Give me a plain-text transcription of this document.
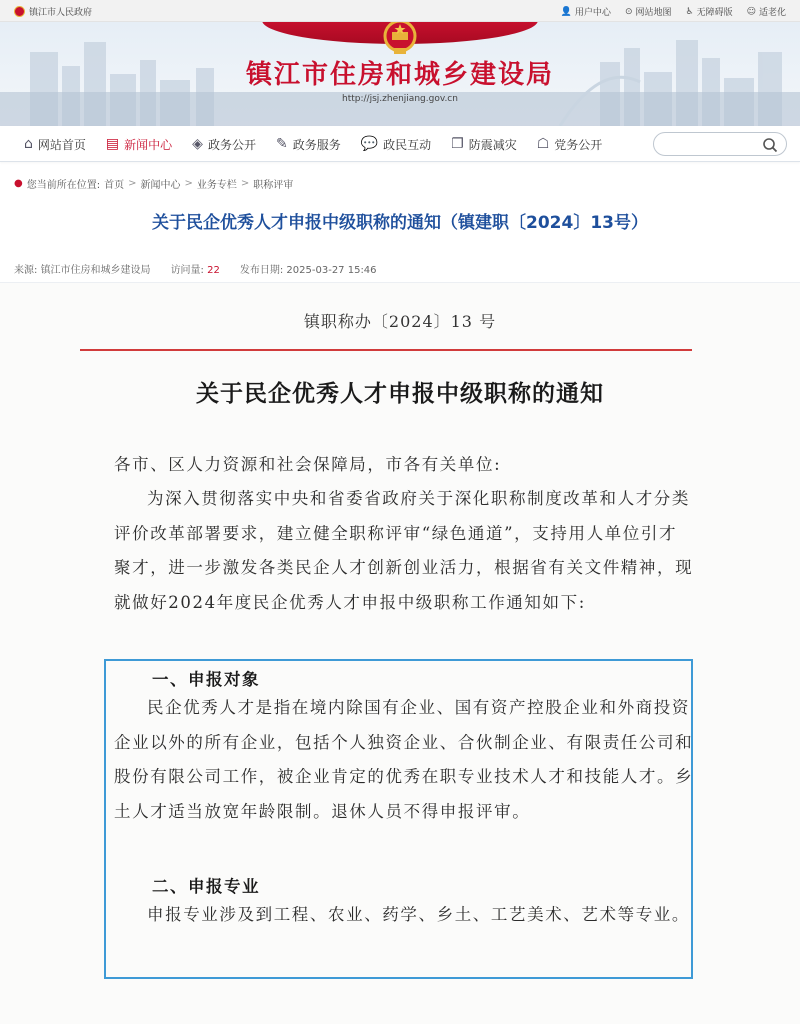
镇江市人民政府	👤 用户中心 ⊙ 网站地图 ♿ 无障碍版 ☺ 适老化
镇江市住房和城乡建设局
http://jsj.zhenjiang.gov.cn
⌂ 网站首页 ▤ 新闻中心 ◈ 政务公开 ✎ 政务服务 💬 政民互动 ❐ 防震减灾 ☖ 党务公开
● 您当前所在位置: 首页 > 新闻中心 > 业务专栏 > 职称评审
关于民企优秀人才申报中级职称的通知（镇建职〔2024〕13号）
来源: 镇江市住房和城乡建设局 访问量: 22 发布日期: 2025-03-27 15:46
镇职称办〔2024〕13 号
关于民企优秀人才申报中级职称的通知
各市、区人力资源和社会保障局，市各有关单位:
为深入贯彻落实中央和省委省政府关于深化职称制度改革和人才分类评价改革部署要求，建立健全职称评审“绿色通道”，支持用人单位引才聚才，进一步激发各类民企人才创新创业活力，根据省有关文件精神，现就做好2024年度民企优秀人才申报中级职称工作通知如下:
一、申报对象
民企优秀人才是指在境内除国有企业、国有资产控股企业和外商投资企业以外的所有企业，包括个人独资企业、合伙制企业、有限责任公司和股份有限公司工作，被企业肯定的优秀在职专业技术人才和技能人才。乡土人才适当放宽年龄限制。退休人员不得申报评审。
二、申报专业
申报专业涉及到工程、农业、药学、乡土、工艺美术、艺术等专业。
